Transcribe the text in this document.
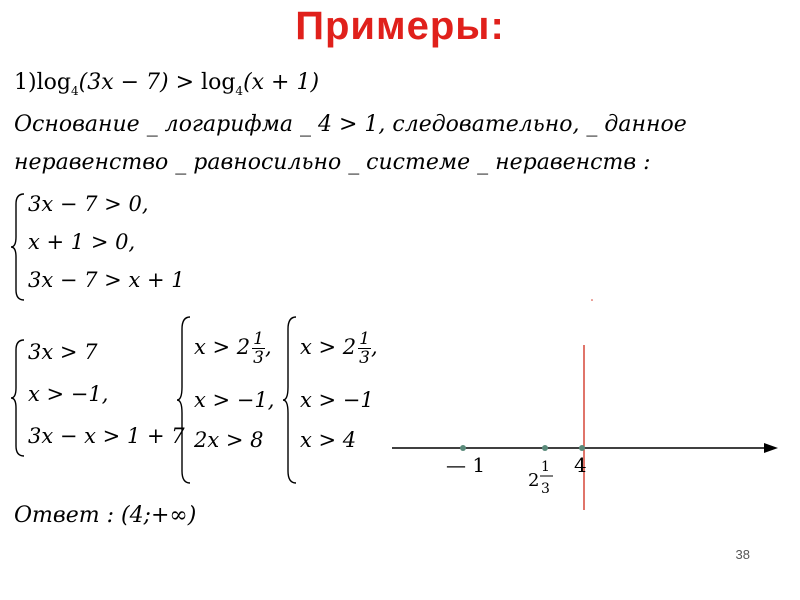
Примеры:
$1)\log_4(3x - 7) > \log_4(x + 1)$
Основание _ логарифма _ 4 > 1, следовательно, _ данное
неравенство _ равносильно _ системе _ неравенств :
3x − 7 > 0,
x + 1 > 0,
3x − 7 > x + 1
3x > 7
x > −1,
3x − x > 1 + 7
$x > 2 \frac{1}{3}$ ,
x > −1,
2x > 8
$x > 2 \frac{1}{3}$ ,
x > −1
x > 4
— 1
2
1
3
4
Ответ : (4;+∞)
38
